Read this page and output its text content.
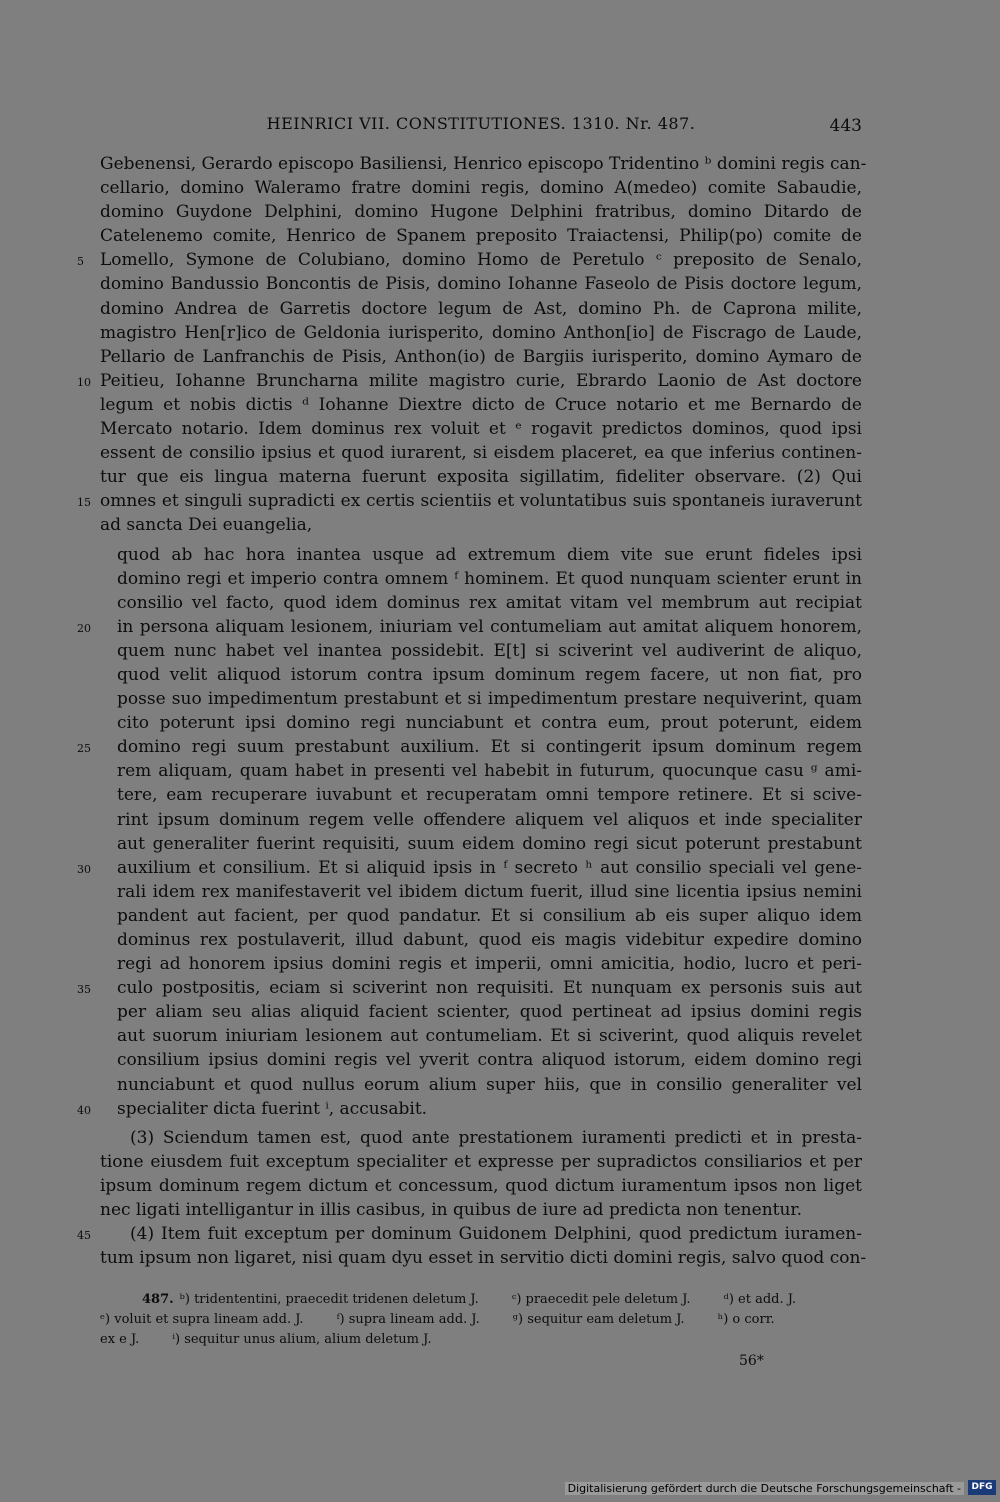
HEINRICI VII. CONSTITUTIONES. 1310. Nr. 487.	443
Gebenensi, Gerardo episcopo Basiliensi, Henrico episcopo Tridentino ᵇ domini regis can-
cellario, domino Waleramo fratre domini regis, domino A(medeo) comite Sabaudie,
domino Guydone Delphini, domino Hugone Delphini fratribus, domino Ditardo de
Catelenemo comite, Henrico de Spanem preposito Traiactensi, Philip(po) comite de
5 Lomello, Symone de Colubiano, domino Homo de Peretulo ᶜ preposito de Senalo,
domino Bandussio Boncontis de Pisis, domino Iohanne Faseolo de Pisis doctore legum,
domino Andrea de Garretis doctore legum de Ast, domino Ph. de Caprona milite,
magistro Hen[r]ico de Geldonia iurisperito, domino Anthon[io] de Fiscrago de Laude,
Pellario de Lanfranchis de Pisis, Anthon(io) de Bargiis iurisperito, domino Aymaro de
10 Peitieu, Iohanne Bruncharna milite magistro curie, Ebrardo Laonio de Ast doctore
legum et nobis dictis ᵈ Iohanne Diextre dicto de Cruce notario et me Bernardo de
Mercato notario. Idem dominus rex voluit et ᵉ rogavit predictos dominos, quod ipsi
essent de consilio ipsius et quod iurarent, si eisdem placeret, ea que inferius continen-
tur que eis lingua materna fuerunt exposita sigillatim, fideliter observare. (2) Qui
15 omnes et singuli supradicti ex certis scientiis et voluntatibus suis spontaneis iuraverunt
ad sancta Dei euangelia,
quod ab hac hora inantea usque ad extremum diem vite sue erunt fideles ipsi
domino regi et imperio contra omnem ᶠ hominem. Et quod nunquam scienter erunt in
consilio vel facto, quod idem dominus rex amitat vitam vel membrum aut recipiat
20 in persona aliquam lesionem, iniuriam vel contumeliam aut amitat aliquem honorem,
quem nunc habet vel inantea possidebit. E[t] si sciverint vel audiverint de aliquo,
quod velit aliquod istorum contra ipsum dominum regem facere, ut non fiat, pro
posse suo impedimentum prestabunt et si impedimentum prestare nequiverint, quam
cito poterunt ipsi domino regi nunciabunt et contra eum, prout poterunt, eidem
25 domino regi suum prestabunt auxilium. Et si contingerit ipsum dominum regem
rem aliquam, quam habet in presenti vel habebit in futurum, quocunque casu ᵍ ami-
tere, eam recuperare iuvabunt et recuperatam omni tempore retinere. Et si scive-
rint ipsum dominum regem velle offendere aliquem vel aliquos et inde specialiter
aut generaliter fuerint requisiti, suum eidem domino regi sicut poterunt prestabunt
30 auxilium et consilium. Et si aliquid ipsis in ᶠ secreto ʰ aut consilio speciali vel gene-
rali idem rex manifestaverit vel ibidem dictum fuerit, illud sine licentia ipsius nemini
pandent aut facient, per quod pandatur. Et si consilium ab eis super aliquo idem
dominus rex postulaverit, illud dabunt, quod eis magis videbitur expedire domino
regi ad honorem ipsius domini regis et imperii, omni amicitia, hodio, lucro et peri-
35 culo postpositis, eciam si sciverint non requisiti. Et nunquam ex personis suis aut
per aliam seu alias aliquid facient scienter, quod pertineat ad ipsius domini regis
aut suorum iniuriam lesionem aut contumeliam. Et si sciverint, quod aliquis revelet
consilium ipsius domini regis vel yverit contra aliquod istorum, eidem domino regi
nunciabunt et quod nullus eorum alium super hiis, que in consilio generaliter vel
40 specialiter dicta fuerint ⁱ, accusabit.
(3) Sciendum tamen est, quod ante prestationem iuramenti predicti et in presta-
tione eiusdem fuit exceptum specialiter et expresse per supradictos consiliarios et per
ipsum dominum regem dictum et concessum, quod dictum iuramentum ipsos non liget
nec ligati intelligantur in illis casibus, in quibus de iure ad predicta non tenentur.
45	(4) Item fuit exceptum per dominum Guidonem Delphini, quod predictum iuramen-
tum ipsum non ligaret, nisi quam dyu esset in servitio dicti domini regis, salvo quod con-
487. ᵇ) tridententini, praecedit tridenen deletum J.        ᶜ) praecedit pele deletum J.        ᵈ) et add. J.
ᵉ) voluit et supra lineam add. J.        ᶠ) supra lineam add. J.        ᵍ) sequitur eam deletum J.        ʰ) o corr.
ex e J.        ⁱ) sequitur unus alium, alium deletum J.
56*
Digitalisierung gefördert durch die Deutsche Forschungsgemeinschaft -	DFG
